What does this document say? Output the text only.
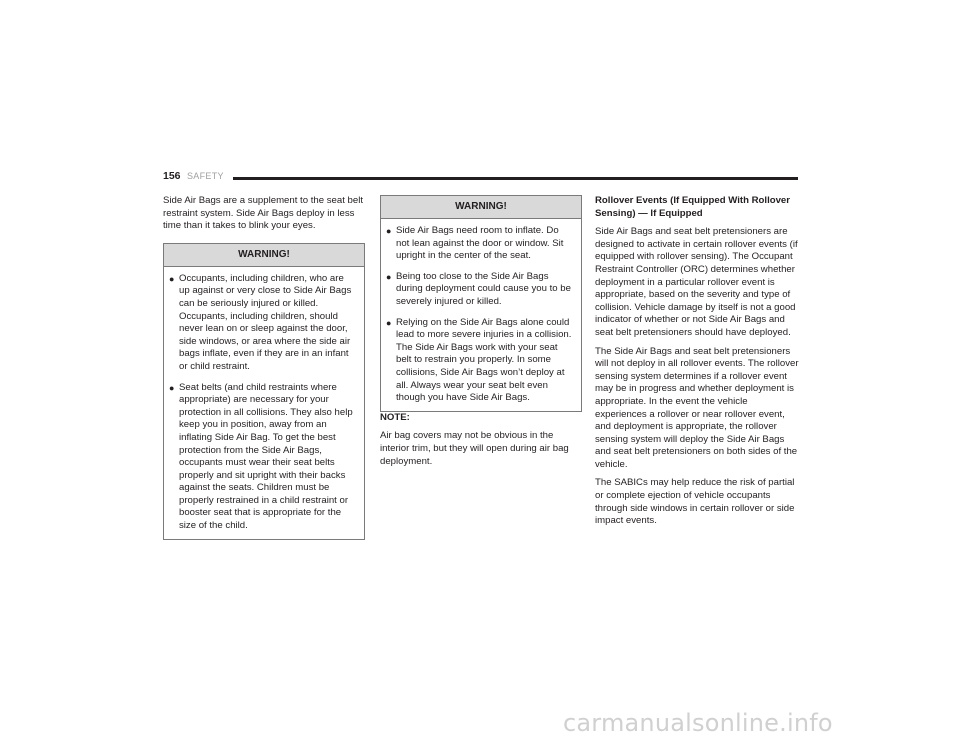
156 SAFETY

Side Air Bags are a supplement to the seat belt restraint system. Side Air Bags deploy in less time than it takes to blink your eyes.

WARNING!
● Occupants, including children, who are up against or very close to Side Air Bags can be seriously injured or killed. Occupants, including children, should never lean on or sleep against the door, side windows, or area where the side air bags inflate, even if they are in an infant or child restraint.
● Seat belts (and child restraints where appropriate) are necessary for your protection in all collisions. They also help keep you in position, away from an inflating Side Air Bag. To get the best protection from the Side Air Bags, occupants must wear their seat belts properly and sit upright with their backs against the seats. Children must be properly restrained in a child restraint or booster seat that is appropriate for the size of the child.
WARNING!
● Side Air Bags need room to inflate. Do not lean against the door or window. Sit upright in the center of the seat.
● Being too close to the Side Air Bags during deployment could cause you to be severely injured or killed.
● Relying on the Side Air Bags alone could lead to more severe injuries in a collision. The Side Air Bags work with your seat belt to restrain you properly. In some collisions, Side Air Bags won’t deploy at all. Always wear your seat belt even though you have Side Air Bags.

NOTE:

Air bag covers may not be obvious in the interior trim, but they will open during air bag deployment.

Rollover Events (If Equipped With Rollover Sensing) — If Equipped

Side Air Bags and seat belt pretensioners are designed to activate in certain rollover events (if equipped with rollover sensing). The Occupant Restraint Controller (ORC) determines whether deployment in a particular rollover event is appropriate, based on the severity and type of collision. Vehicle damage by itself is not a good indicator of whether or not Side Air Bags and seat belt pretensioners should have deployed.

The Side Air Bags and seat belt pretensioners will not deploy in all rollover events. The rollover sensing system determines if a rollover event may be in progress and whether deployment is appropriate. In the event the vehicle experiences a rollover or near rollover event, and deployment is appropriate, the rollover sensing system will deploy the Side Air Bags and seat belt pretensioners on both sides of the vehicle.

The SABICs may help reduce the risk of partial or complete ejection of vehicle occupants through side windows in certain rollover or side impact events.

carmanualsonline.info
